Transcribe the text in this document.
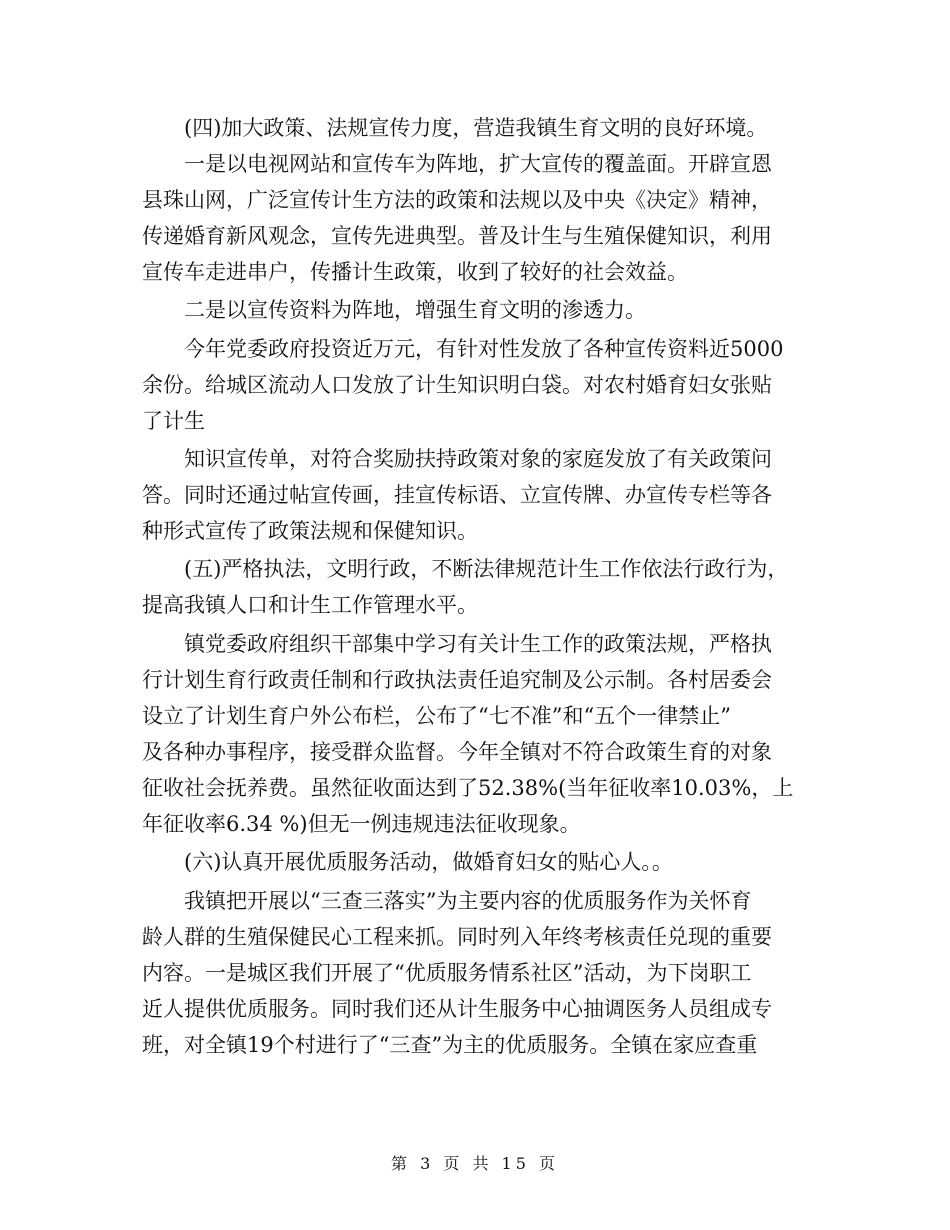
　　(四)加大政策、法规宣传力度，营造我镇生育文明的良好环境。
　　一是以电视网站和宣传车为阵地，扩大宣传的覆盖面。开辟宣恩
县珠山网，广泛宣传计生方法的政策和法规以及中央《决定》精神，
传递婚育新风观念，宣传先进典型。普及计生与生殖保健知识，利用
宣传车走进串户，传播计生政策，收到了较好的社会效益。
　　二是以宣传资料为阵地，增强生育文明的渗透力。
　　今年党委政府投资近万元，有针对性发放了各种宣传资料近5000
余份。给城区流动人口发放了计生知识明白袋。对农村婚育妇女张贴
了计生
　　知识宣传单，对符合奖励扶持政策对象的家庭发放了有关政策问
答。同时还通过帖宣传画，挂宣传标语、立宣传牌、办宣传专栏等各
种形式宣传了政策法规和保健知识。
　　(五)严格执法，文明行政，不断法律规范计生工作依法行政行为，
提高我镇人口和计生工作管理水平。
　　镇党委政府组织干部集中学习有关计生工作的政策法规，严格执
行计划生育行政责任制和行政执法责任追究制及公示制。各村居委会
设立了计划生育户外公布栏，公布了“七不准”和“五个一律禁止”
及各种办事程序，接受群众监督。今年全镇对不符合政策生育的对象
征收社会抚养费。虽然征收面达到了52.38%(当年征收率10.03%，上
年征收率6.34 %)但无一例违规违法征收现象。
　　(六)认真开展优质服务活动，做婚育妇女的贴心人。。
　　我镇把开展以“三查三落实”为主要内容的优质服务作为关怀育
龄人群的生殖保健民心工程来抓。同时列入年终考核责任兑现的重要
内容。一是城区我们开展了“优质服务情系社区”活动，为下岗职工
近人提供优质服务。同时我们还从计生服务中心抽调医务人员组成专
班，对全镇19个村进行了“三查”为主的优质服务。全镇在家应查重
第 3 页 共 15 页
